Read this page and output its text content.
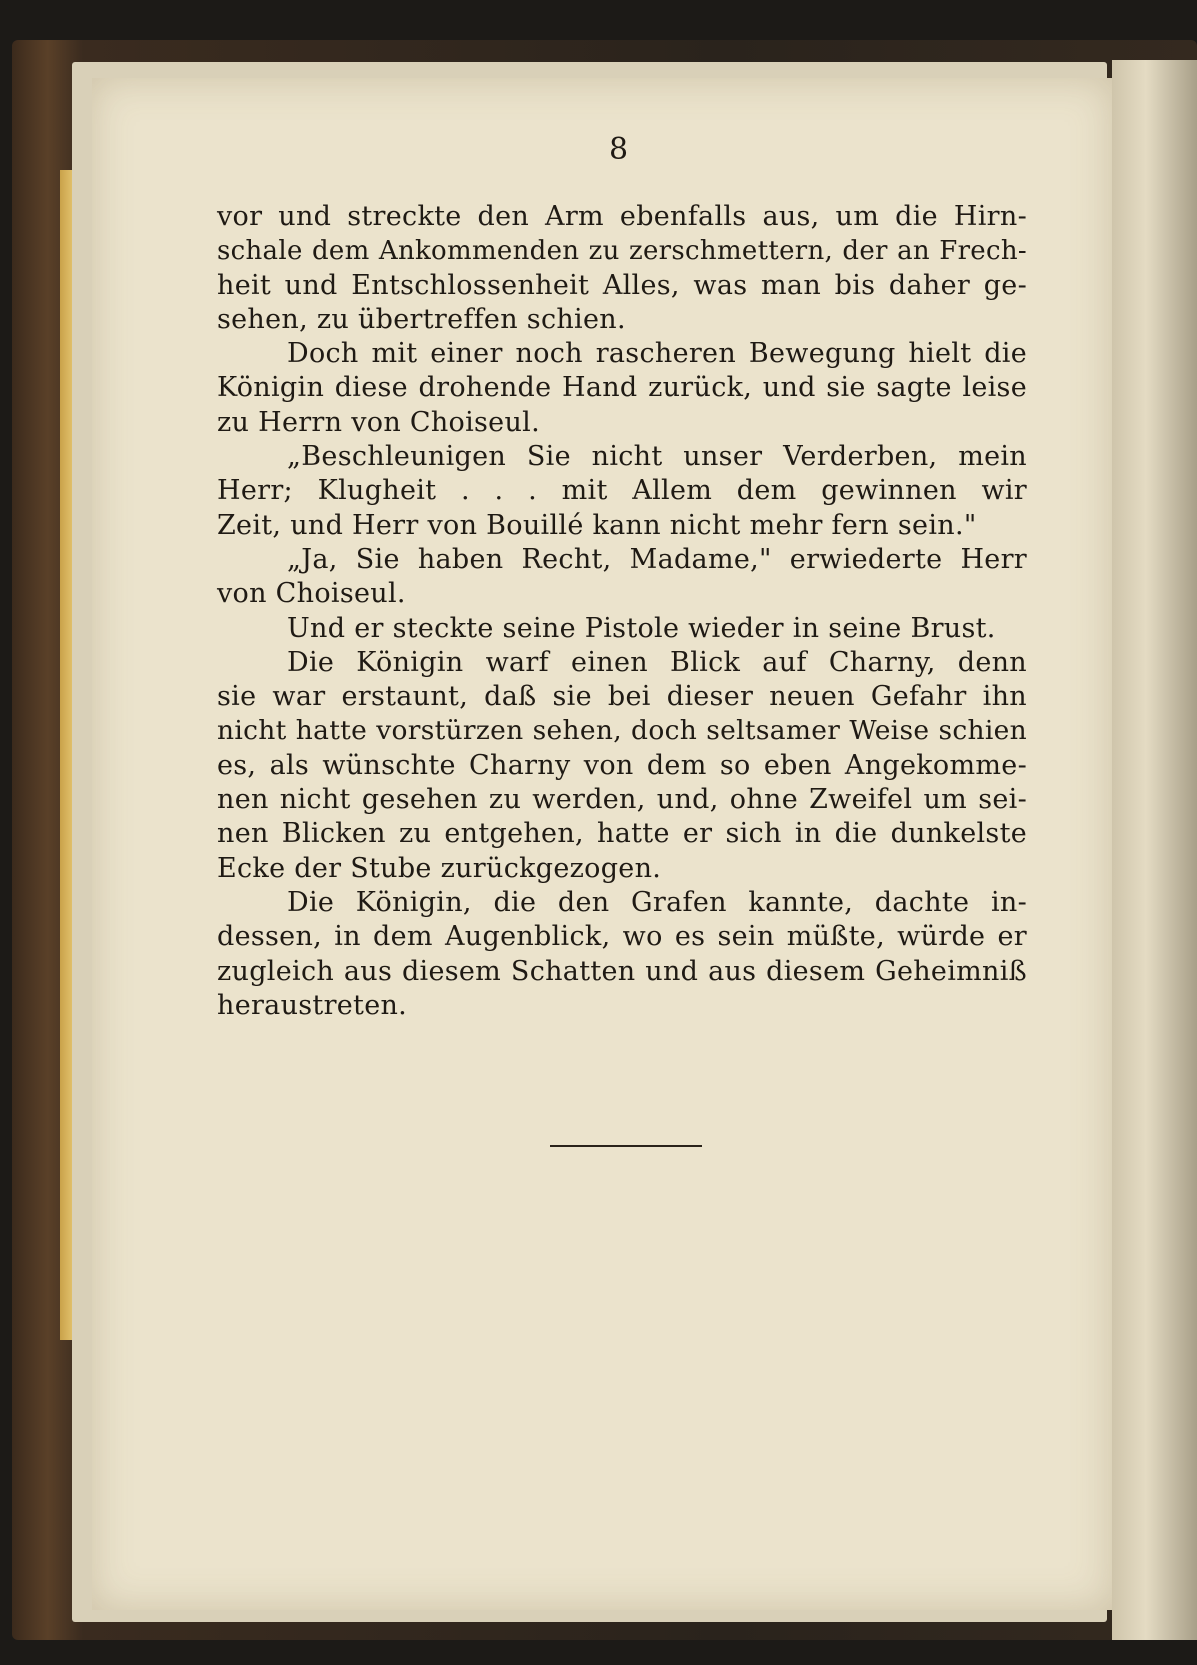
8
vor und streckte den Arm ebenfalls aus, um die Hirn-
schale dem Ankommenden zu zerschmettern, der an Frech-
heit und Entschlossenheit Alles, was man bis daher ge-
sehen, zu übertreffen schien.
Doch mit einer noch rascheren Bewegung hielt die
Königin diese drohende Hand zurück, und sie sagte leise
zu Herrn von Choiseul.
„Beschleunigen Sie nicht unser Verderben, mein
Herr; Klugheit . . . mit Allem dem gewinnen wir
Zeit, und Herr von Bouillé kann nicht mehr fern sein."
„Ja, Sie haben Recht, Madame," erwiederte Herr
von Choiseul.
Und er steckte seine Pistole wieder in seine Brust.
Die Königin warf einen Blick auf Charny, denn
sie war erstaunt, daß sie bei dieser neuen Gefahr ihn
nicht hatte vorstürzen sehen, doch seltsamer Weise schien
es, als wünschte Charny von dem so eben Angekomme-
nen nicht gesehen zu werden, und, ohne Zweifel um sei-
nen Blicken zu entgehen, hatte er sich in die dunkelste
Ecke der Stube zurückgezogen.
Die Königin, die den Grafen kannte, dachte in-
dessen, in dem Augenblick, wo es sein müßte, würde er
zugleich aus diesem Schatten und aus diesem Geheimniß
heraustreten.
